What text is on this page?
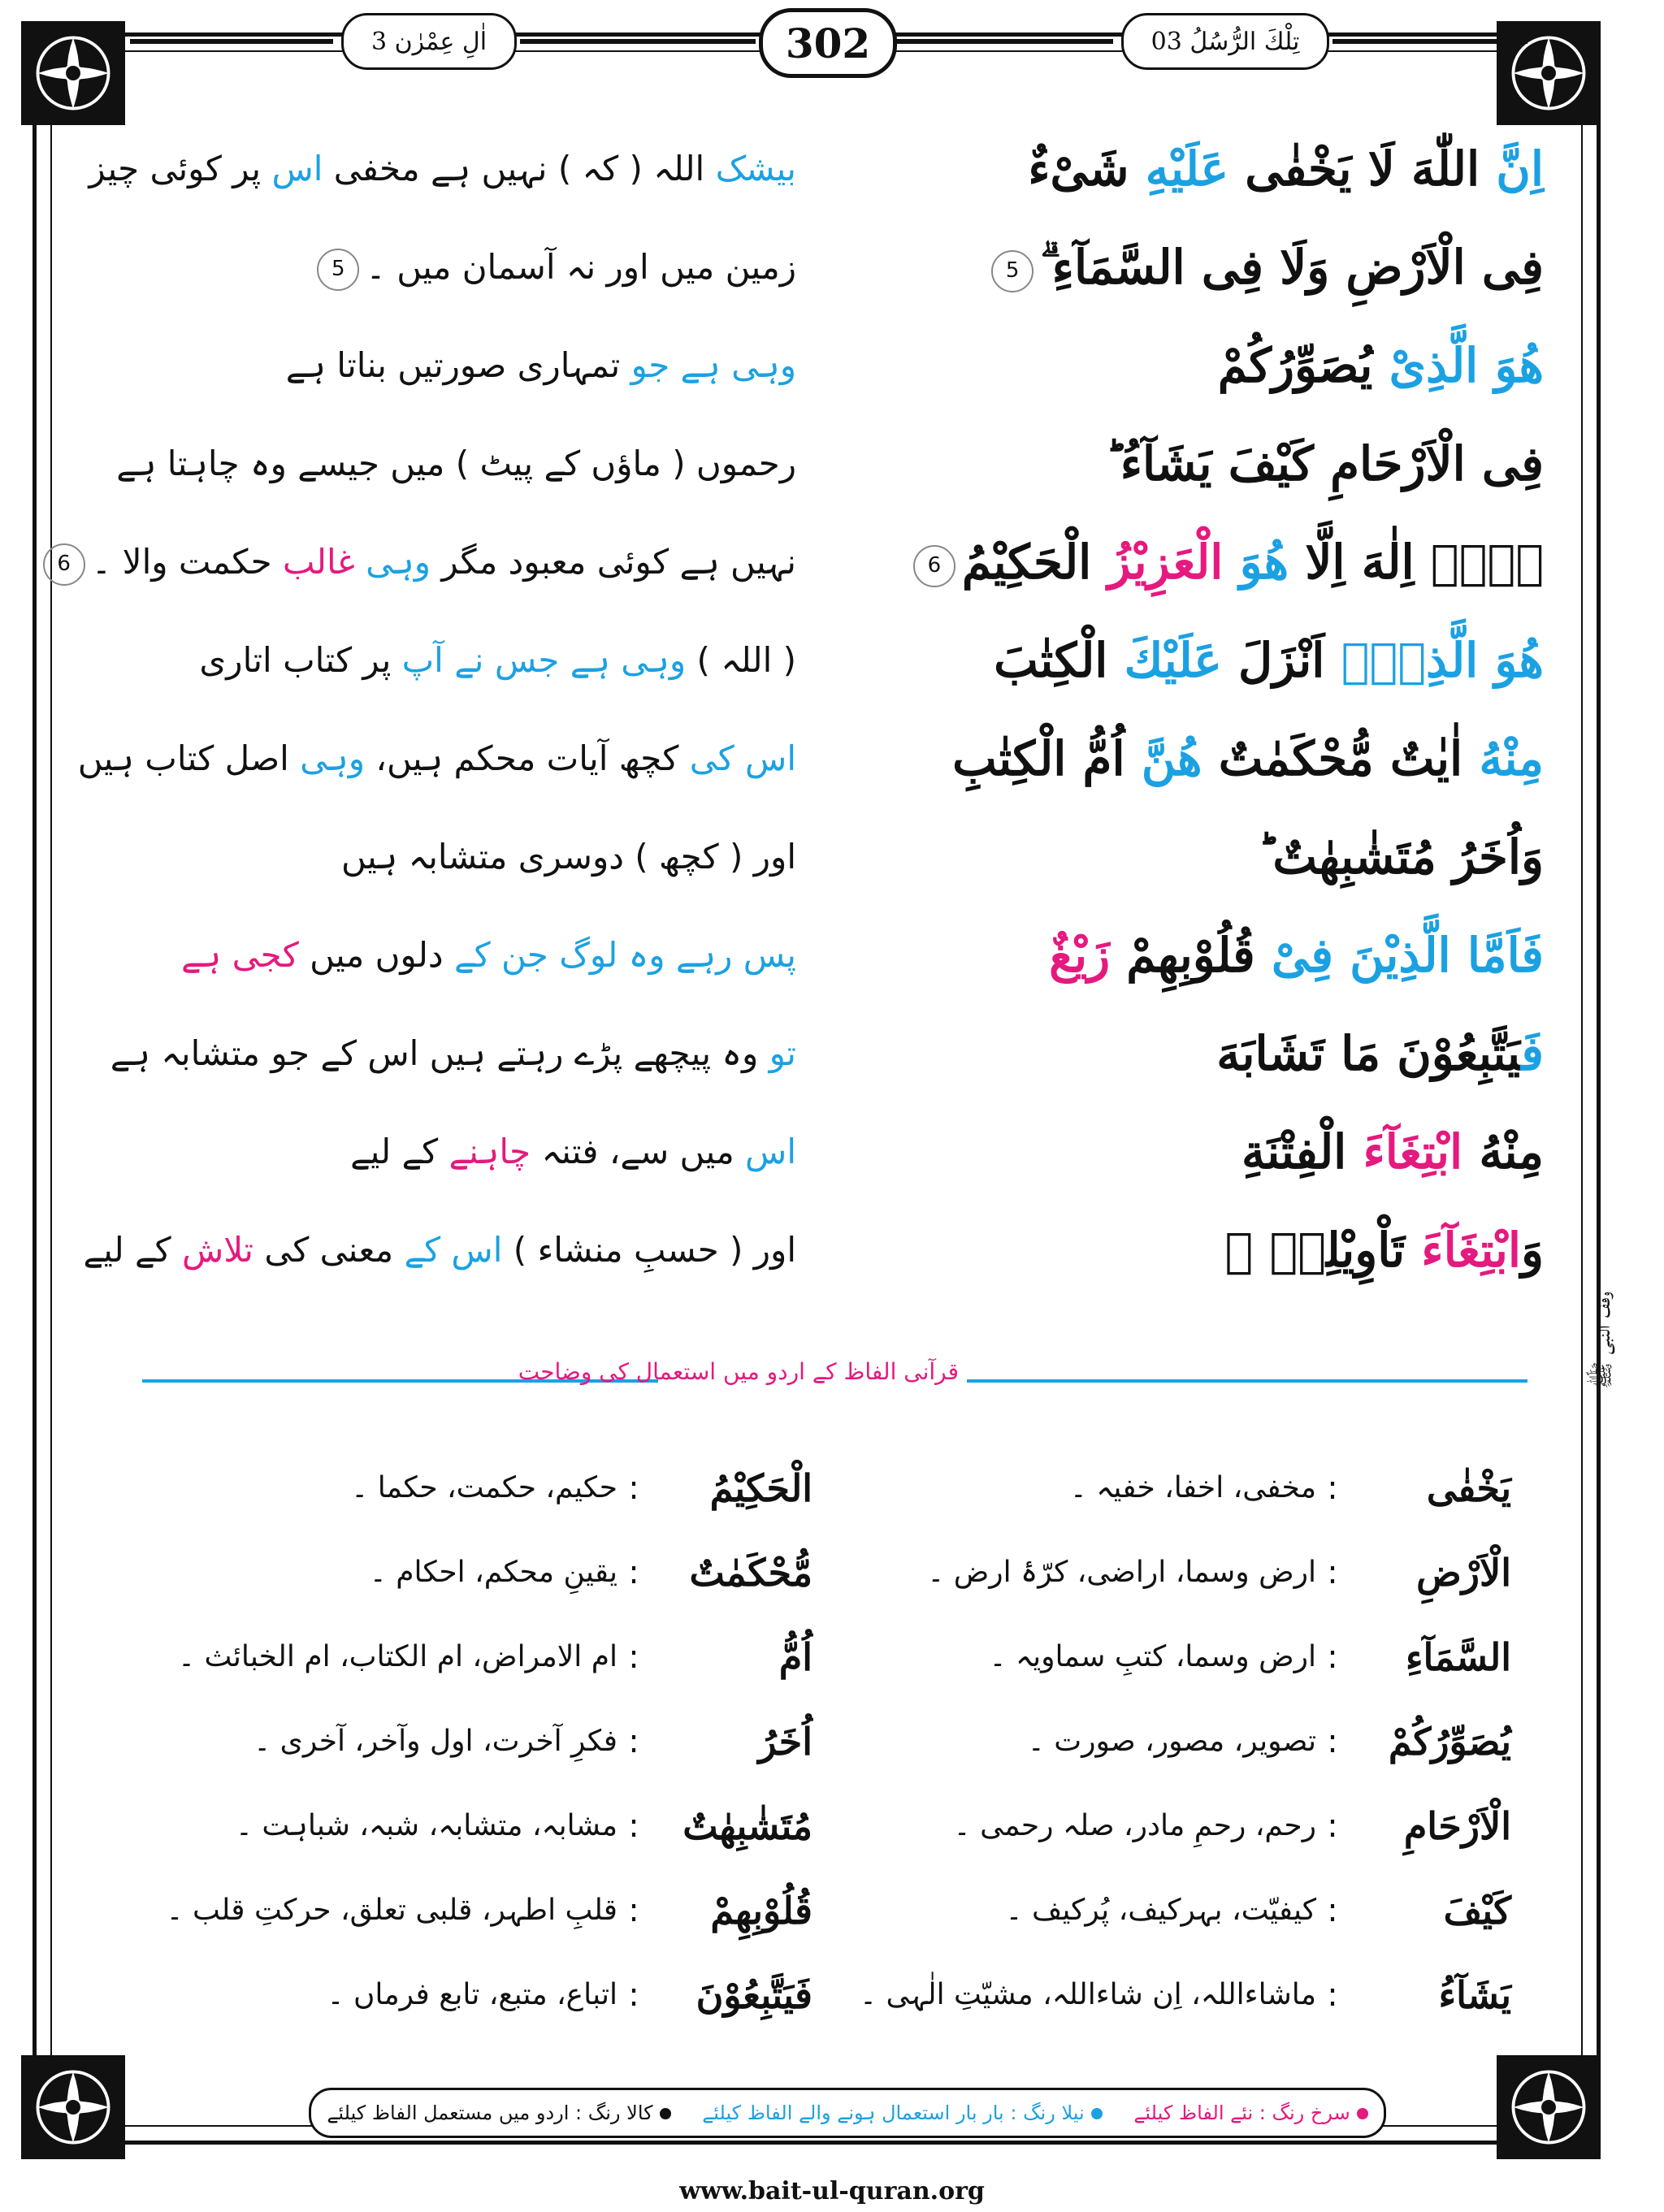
اٰلِ عِمْرٰن 3	302	تِلْكَ الرُّسُلُ 03
اِنَّ اللّٰهَ لَا يَخْفٰى عَلَيْهِ شَىْءٌ
بیشک اللہ ( کہ ) نہیں ہے مخفی اس پر کوئی چیز
فِى الْاَرْضِ وَلَا فِى السَّمَآءِ ۗ5
زمین میں اور نہ آسمان میں ۔5
هُوَ الَّذِىْ يُصَوِّرُكُمْ
وہی ہے جو تمہاری صورتیں بناتا ہے
فِى الْاَرْحَامِ كَيْفَ يَشَآءُ ؕ
رحموں ( ماؤں کے پیٹ ) میں جیسے وہ چاہتا ہے
لَاۤ اِلٰهَ اِلَّا هُوَ الْعَزِيْزُ الْحَكِيْمُ6
نہیں ہے کوئی معبود مگر وہی غالب حکمت والا ۔6
هُوَ الَّذِىْۤ اَنْزَلَ عَلَيْكَ الْكِتٰبَ
( اللہ ) وہی ہے جس نے آپ پر کتاب اتاری
مِنْهُ اٰيٰتٌ مُّحْكَمٰتٌ هُنَّ اُمُّ الْكِتٰبِ
اس کی کچھ آیات محکم ہیں، وہی اصل کتاب ہیں
وَاُخَرُ مُتَشٰبِهٰتٌ ؕ
اور ( کچھ ) دوسری متشابہ ہیں
فَاَمَّا الَّذِيْنَ فِىْ قُلُوْبِهِمْ زَيْغٌ
پس رہے وہ لوگ جن کے دلوں میں کجی ہے
فَيَتَّبِعُوْنَ مَا تَشَابَهَ
تو وہ پیچھے پڑے رہتے ہیں اس کے جو متشابہ ہے
مِنْهُ ابْتِغَآءَ الْفِتْنَةِ
اس میں سے، فتنہ چاہنے کے لیے
وَابْتِغَآءَ تَاْوِيْلِهٖ ۚ
اور ( حسبِ منشاء ) اس کے معنی کی تلاش کے لیے
وقف النبی ﷺ
قرآنی الفاظ کے اردو میں استعمال کی وضاحت
يَخْفٰى
:
مخفی، اخفا، خفیہ ۔
الْاَرْضِ
:
ارض وسما، اراضی، کرّۂ ارض ۔
السَّمَآءِ
:
ارض وسما، کتبِ سماویہ ۔
يُصَوِّرُكُمْ
:
تصویر، مصور، صورت ۔
الْاَرْحَامِ
:
رحم، رحمِ مادر، صلہ رحمی ۔
كَيْفَ
:
کیفیّت، بہرکیف، پُرکیف ۔
يَشَآءُ
:
ماشاءاللہ، اِن شاءاللہ، مشیّتِ الٰہی ۔
الْحَكِيْمُ
:
حکیم، حکمت، حکما ۔
مُّحْكَمٰتٌ
:
یقینِ محکم، احکام ۔
اُمُّ
:
ام الامراض، ام الکتاب، ام الخبائث ۔
اُخَرُ
:
فکرِ آخرت، اول وآخر، آخری ۔
مُتَشٰبِهٰتٌ
:
مشابہ، متشابہ، شبہ، شباہت ۔
قُلُوْبِهِمْ
:
قلبِ اطہر، قلبی تعلق، حرکتِ قلب ۔
فَيَتَّبِعُوْنَ
:
اتباع، متبع، تابع فرماں ۔
کالا رنگ : اردو میں مستعمل الفاظ کیلئے	نیلا رنگ : بار بار استعمال ہونے والے الفاظ کیلئے	سرخ رنگ : نئے الفاظ کیلئے
www.bait-ul-quran.org
